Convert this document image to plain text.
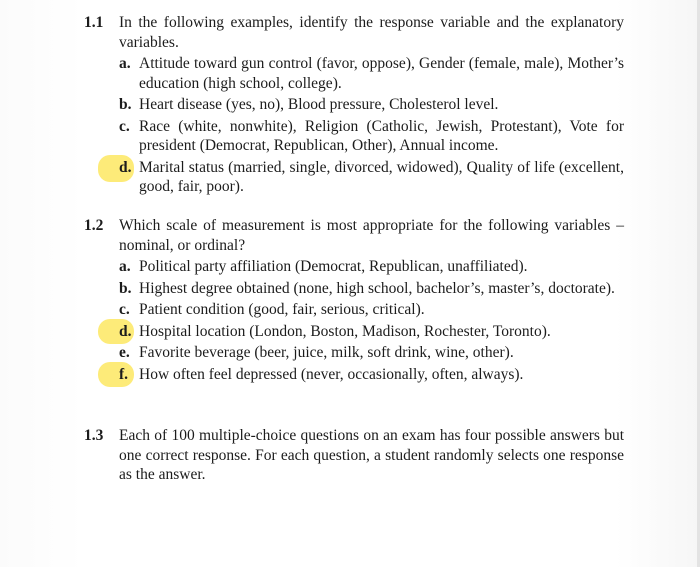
1.1 In the following examples, identify the response variable and the explanatory variables.
a. Attitude toward gun control (favor, oppose), Gender (female, male), Mother’s education (high school, college).
b. Heart disease (yes, no), Blood pressure, Cholesterol level.
c. Race (white, nonwhite), Religion (Catholic, Jewish, Protestant), Vote for president (Democrat, Republican, Other), Annual income.
d. Marital status (married, single, divorced, widowed), Quality of life (excellent, good, fair, poor).
1.2 Which scale of measurement is most appropriate for the following variables – nominal, or ordinal?
a. Political party affiliation (Democrat, Republican, unaffiliated).
b. Highest degree obtained (none, high school, bachelor’s, master’s, doctorate).
c. Patient condition (good, fair, serious, critical).
d. Hospital location (London, Boston, Madison, Rochester, Toronto).
e. Favorite beverage (beer, juice, milk, soft drink, wine, other).
f. How often feel depressed (never, occasionally, often, always).
1.3 Each of 100 multiple-choice questions on an exam has four possible answers but one correct response. For each question, a student randomly selects one response as the answer.
